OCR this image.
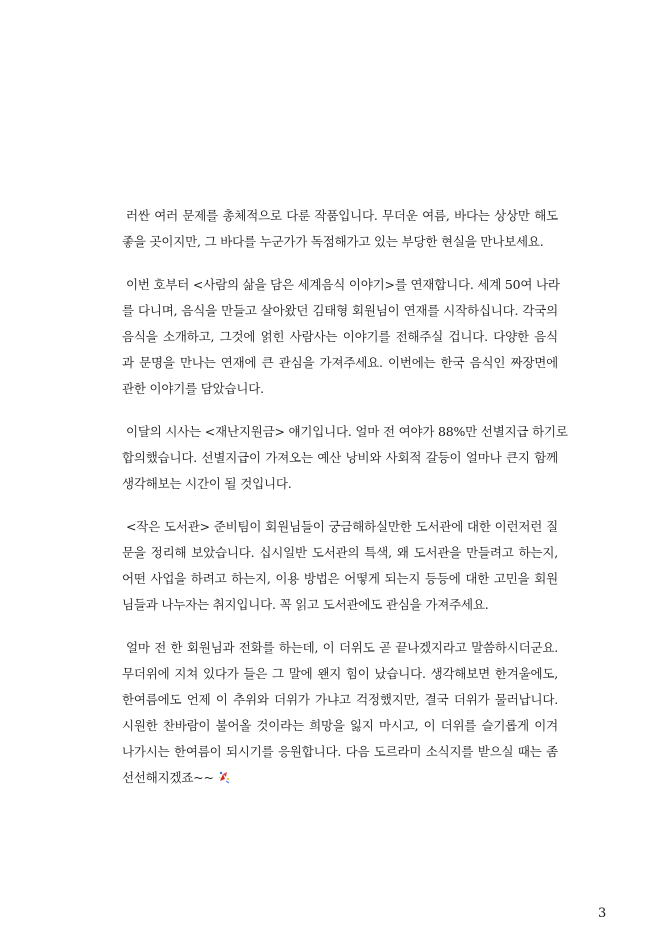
러싼 여러 문제를 총체적으로 다룬 작품입니다. 무더운 여름, 바다는 상상만 해도
좋을 곳이지만, 그 바다를 누군가가 독점해가고 있는 부당한 현실을 만나보세요.
이번 호부터 <사람의 삶을 담은 세계음식 이야기>를 연재합니다. 세계 50여 나라
를 다니며, 음식을 만들고 살아왔던 김태형 회원님이 연재를 시작하십니다. 각국의
음식을 소개하고, 그것에 얽힌 사람사는 이야기를 전해주실 겁니다. 다양한 음식
과 문명을 만나는 연재에 큰 관심을 가져주세요. 이번에는 한국 음식인 짜장면에
관한 이야기를 담았습니다.
이달의 시사는 <재난지원금> 얘기입니다. 얼마 전 여야가 88%만 선별지급 하기로
합의했습니다. 선별지급이 가져오는 예산 낭비와 사회적 갈등이 얼마나 큰지 함께
생각해보는 시간이 될 것입니다.
<작은 도서관> 준비팀이 회원님들이 궁금해하실만한 도서관에 대한 이런저런 질
문을 정리해 보았습니다. 십시일반 도서관의 특색, 왜 도서관을 만들려고 하는지,
어떤 사업을 하려고 하는지, 이용 방법은 어떻게 되는지 등등에 대한 고민을 회원
님들과 나누자는 취지입니다. 꼭 읽고 도서관에도 관심을 가져주세요.
얼마 전 한 회원님과 전화를 하는데, 이 더위도 곧 끝나겠지라고 말씀하시더군요.
무더위에 지쳐 있다가 들은 그 말에 왠지 힘이 났습니다. 생각해보면 한겨울에도,
한여름에도 언제 이 추위와 더위가 가냐고 걱정했지만, 결국 더위가 물러납니다.
시원한 찬바람이 불어올 것이라는 희망을 잃지 마시고, 이 더위를 슬기롭게 이겨
나가시는 한여름이 되시기를 응원합니다. 다음 도르라미 소식지를 받으실 때는 좀
선선해지겠죠~~
3
